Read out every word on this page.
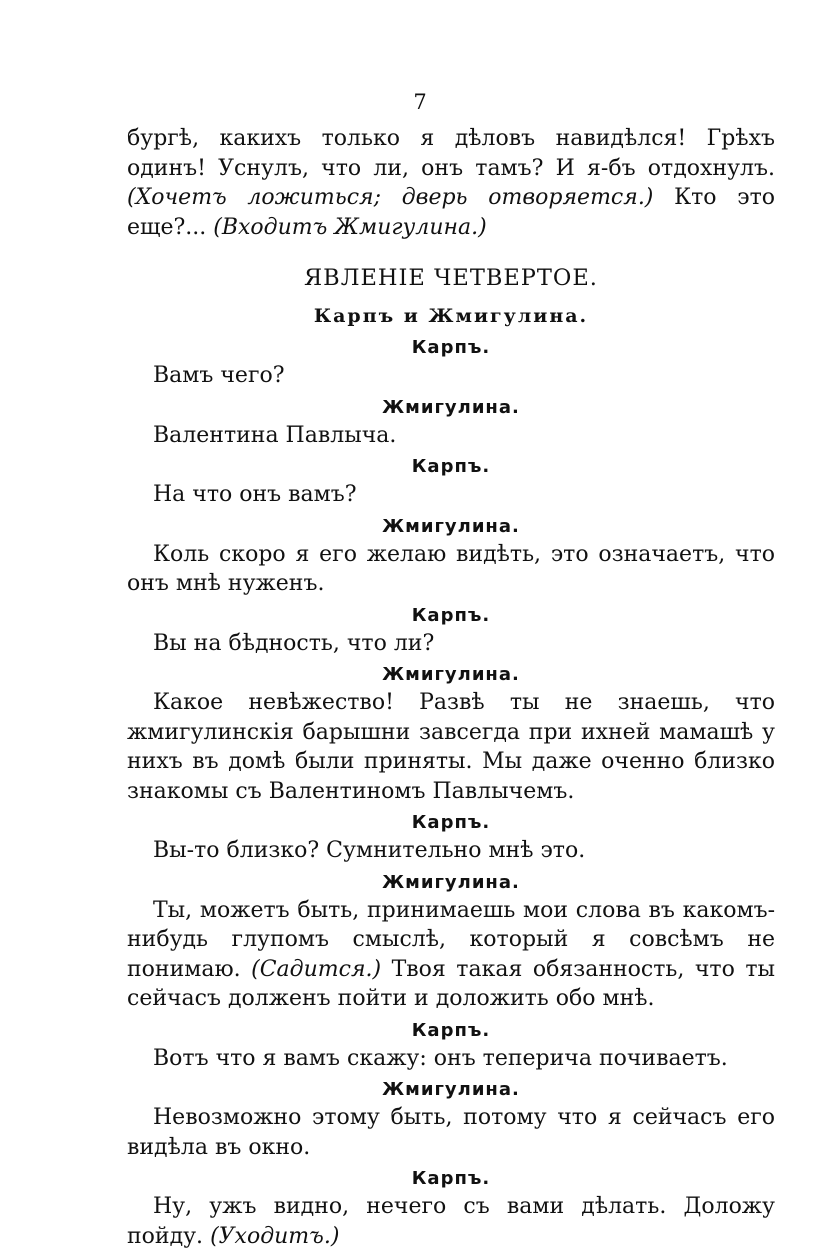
7

бургѣ, какихъ только я дѣловъ навидѣлся! Грѣхъ одинъ! Уснулъ, что ли, онъ тамъ? И я-бъ отдохнулъ. (Хочетъ ложиться; дверь отворяется.) Кто это еще?... (Входитъ Жмигулина.)

ЯВЛЕНІЕ ЧЕТВЕРТОЕ.
Карпъ и Жмигулина.
Карпъ.

Вамъ чего?

Жмигулина.

Валентина Павлыча.

Карпъ.

На что онъ вамъ?

Жмигулина.

Коль скоро я его желаю видѣть, это означаетъ, что онъ мнѣ нуженъ.

Карпъ.

Вы на бѣдность, что ли?

Жмигулина.

Какое невѣжество! Развѣ ты не знаешь, что жмигулинскія барышни завсегда при ихней мамашѣ у нихъ въ домѣ были приняты. Мы даже оченно близко знакомы съ Валентиномъ Павлычемъ.

Карпъ.

Вы-то близко? Сумнительно мнѣ это.

Жмигулина.

Ты, можетъ быть, принимаешь мои слова въ какомъ-нибудь глупомъ смыслѣ, который я совсѣмъ не понимаю. (Садится.) Твоя такая обязанность, что ты сейчасъ долженъ пойти и доложить обо мнѣ.

Карпъ.

Вотъ что я вамъ скажу: онъ теперича почиваетъ.

Жмигулина.

Невозможно этому быть, потому что я сейчасъ его видѣла въ окно.

Карпъ.

Ну, ужъ видно, нечего съ вами дѣлать. Доложу пойду. (Уходитъ.)
